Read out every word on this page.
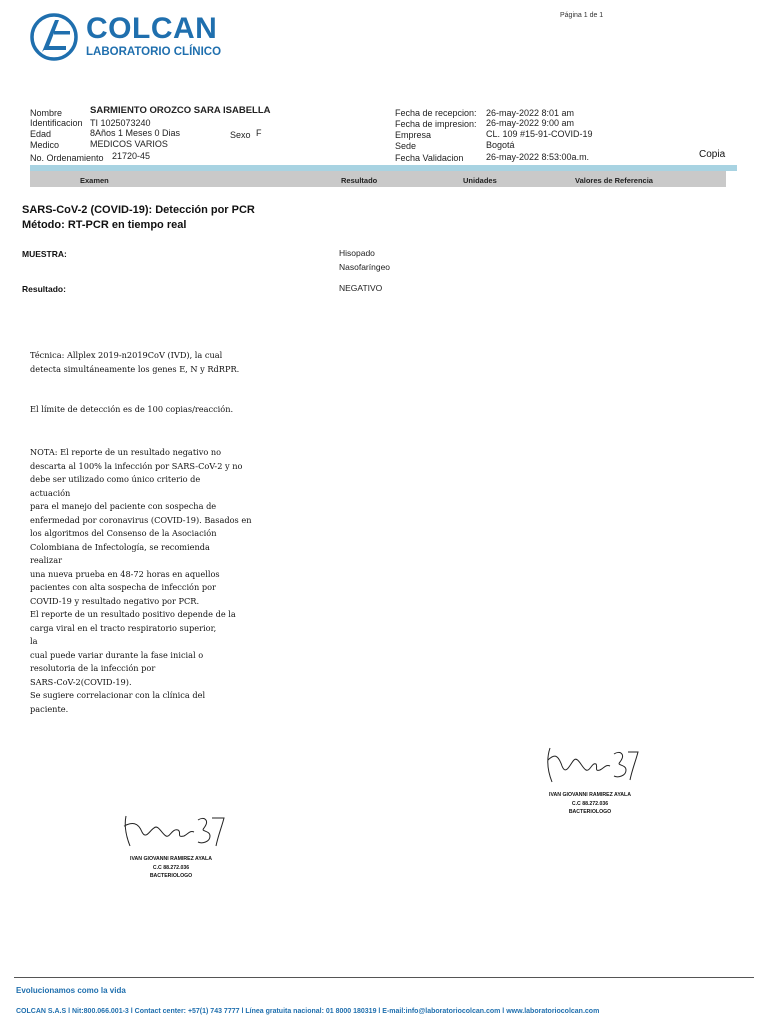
COLCAN
LABORATORIO CLÍNICO
Página 1 de 1
Nombre	SARMIENTO OROZCO SARA ISABELLA
Identificacion TI 1025073240
Edad	8Años 1 Meses 0 Dias	Sexo F
Medico	MEDICOS VARIOS
No. Ordenamiento 21720-45
Fecha de recepcion: 26-may-2022 8:01 am
Fecha de impresion: 26-may-2022 9:00 am
Empresa	CL. 109 #15-91-COVID-19
Sede	Bogotá
Fecha Validacion	26-may-2022 8:53:00a.m.	Copia
Examen	Resultado	Unidades	Valores de Referencia
SARS-CoV-2 (COVID-19): Detección por PCR
Método: RT-PCR en tiempo real
MUESTRA:	Hisopado
Nasofaríngeo
Resultado:	NEGATIVO
Técnica: Allplex 2019-n2019CoV (IVD), la cual
detecta simultáneamente los genes E, N y RdRPR.
El límite de detección es de 100 copias/reacción.
NOTA: El reporte de un resultado negativo no
descarta al 100% la infección por SARS-CoV-2 y no
debe ser utilizado como único criterio de
actuación
para el manejo del paciente con sospecha de
enfermedad por coronavirus (COVID-19). Basados en
los algoritmos del Consenso de la Asociación
Colombiana de Infectología, se recomienda
realizar
una nueva prueba en 48-72 horas en aquellos
pacientes con alta sospecha de infección por
COVID-19 y resultado negativo por PCR.
El reporte de un resultado positivo depende de la
carga viral en el tracto respiratorio superior,
la
cual puede variar durante la fase inicial o
resolutoria de la infección por
SARS-CoV-2(COVID-19).
Se sugiere correlacionar con la clínica del
paciente.
IVAN GIOVANNI RAMIREZ AYALA
C.C 88.272.036
BACTERIOLOGO
IVAN GIOVANNI RAMIREZ AYALA
C.C 88.272.036
BACTERIOLOGO
Evolucionamos como la vida
COLCAN S.A.S l Nit:800.066.001-3 l Contact center: +57(1) 743 7777 l Línea gratuita nacional: 01 8000 180319 l E-mail:info@laboratoriocolcan.com l www.laboratoriocolcan.com
